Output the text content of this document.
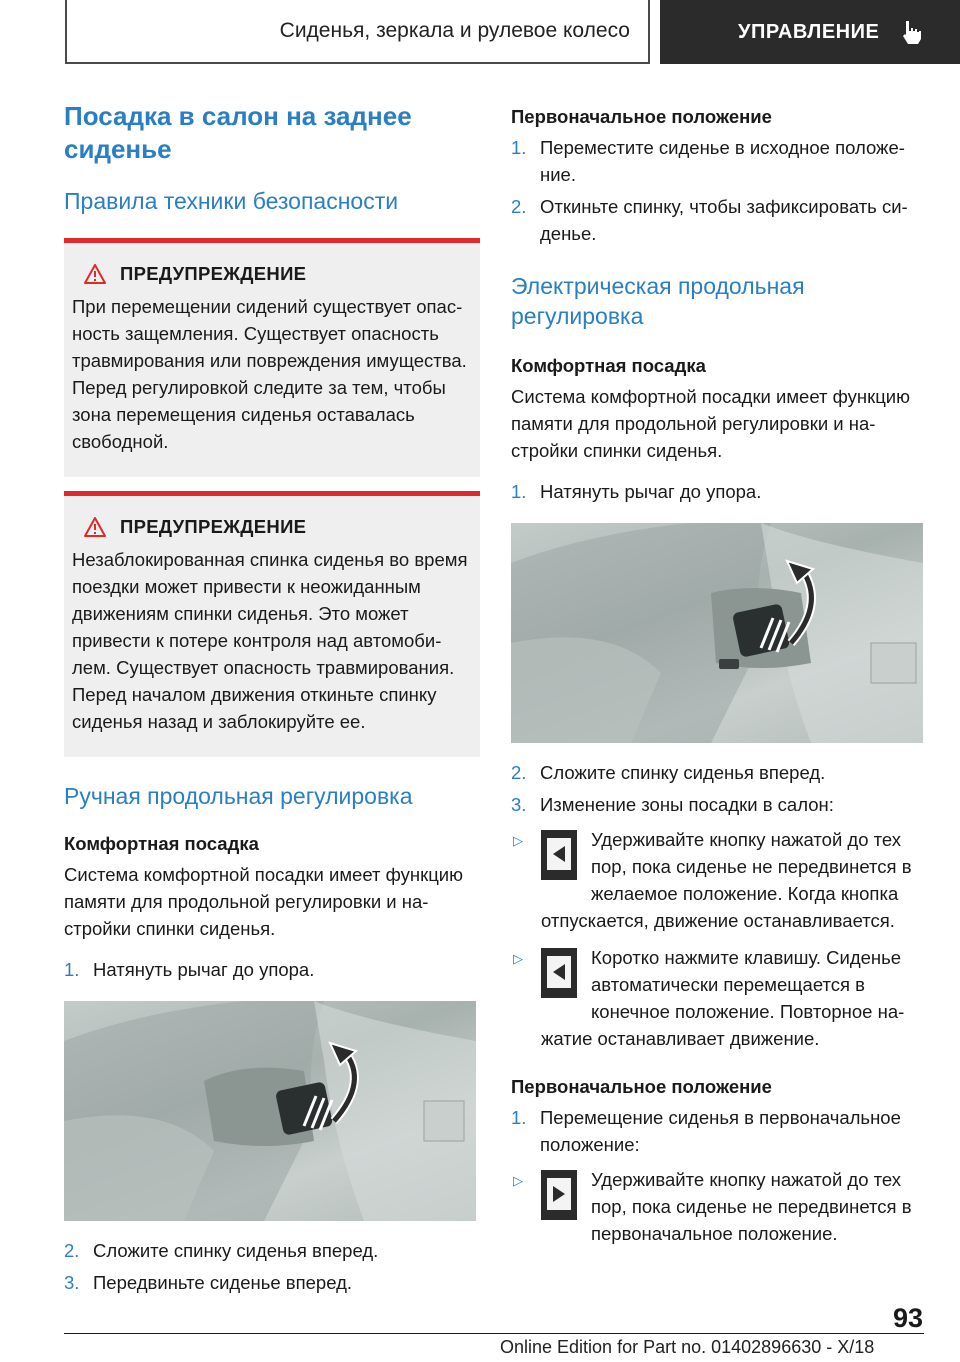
Сиденья, зеркала и рулевое колесо	УПРАВЛЕНИЕ
Посадка в салон на заднее сиденье
Правила техники безопасности
ПРЕДУПРЕЖДЕНИЕ

При перемещении сидений существует опасность защемления. Существует опасность травмирования или повреждения имущества. Перед регулировкой следите за тем, чтобы зона перемещения сиденья оставалась свободной.

ПРЕДУПРЕЖДЕНИЕ

Незаблокированная спинка сиденья во время поездки может привести к неожиданным движениям спинки сиденья. Это может привести к потере контроля над автомобилем. Существует опасность травмирования. Перед началом движения откиньте спинку сиденья назад и заблокируйте ее.

Ручная продольная регулировка
Комфортная посадка

Система комфортной посадки имеет функцию памяти для продольной регулировки и настройки спинки сиденья.

1. Натянуть рычаг до упора.
2. Сложите спинку сиденья вперед.
3. Передвиньте сиденье вперед.
Первоначальное положение
1. Переместите сиденье в исходное положение.
2. Откиньте спинку, чтобы зафиксировать сиденье.
Электрическая продольная регулировка
Комфортная посадка

Система комфортной посадки имеет функцию памяти для продольной регулировки и настройки спинки сиденья.

1. Натянуть рычаг до упора.
2. Сложите спинку сиденья вперед.
3. Изменение зоны посадки в салон:
▷	Удерживайте кнопку нажатой до тех пор, пока сиденье не передвинется в желаемое положение. Когда кнопка отпускается, движение останавливается.
▷	Коротко нажмите клавишу. Сиденье автоматически перемещается в конечное положение. Повторное нажатие останавливает движение.
Первоначальное положение
1. Перемещение сиденья в первоначальное положение:
▷	Удерживайте кнопку нажатой до тех пор, пока сиденье не передвинется в первоначальное положение.
93
Online Edition for Part no. 01402896630 - X/18
